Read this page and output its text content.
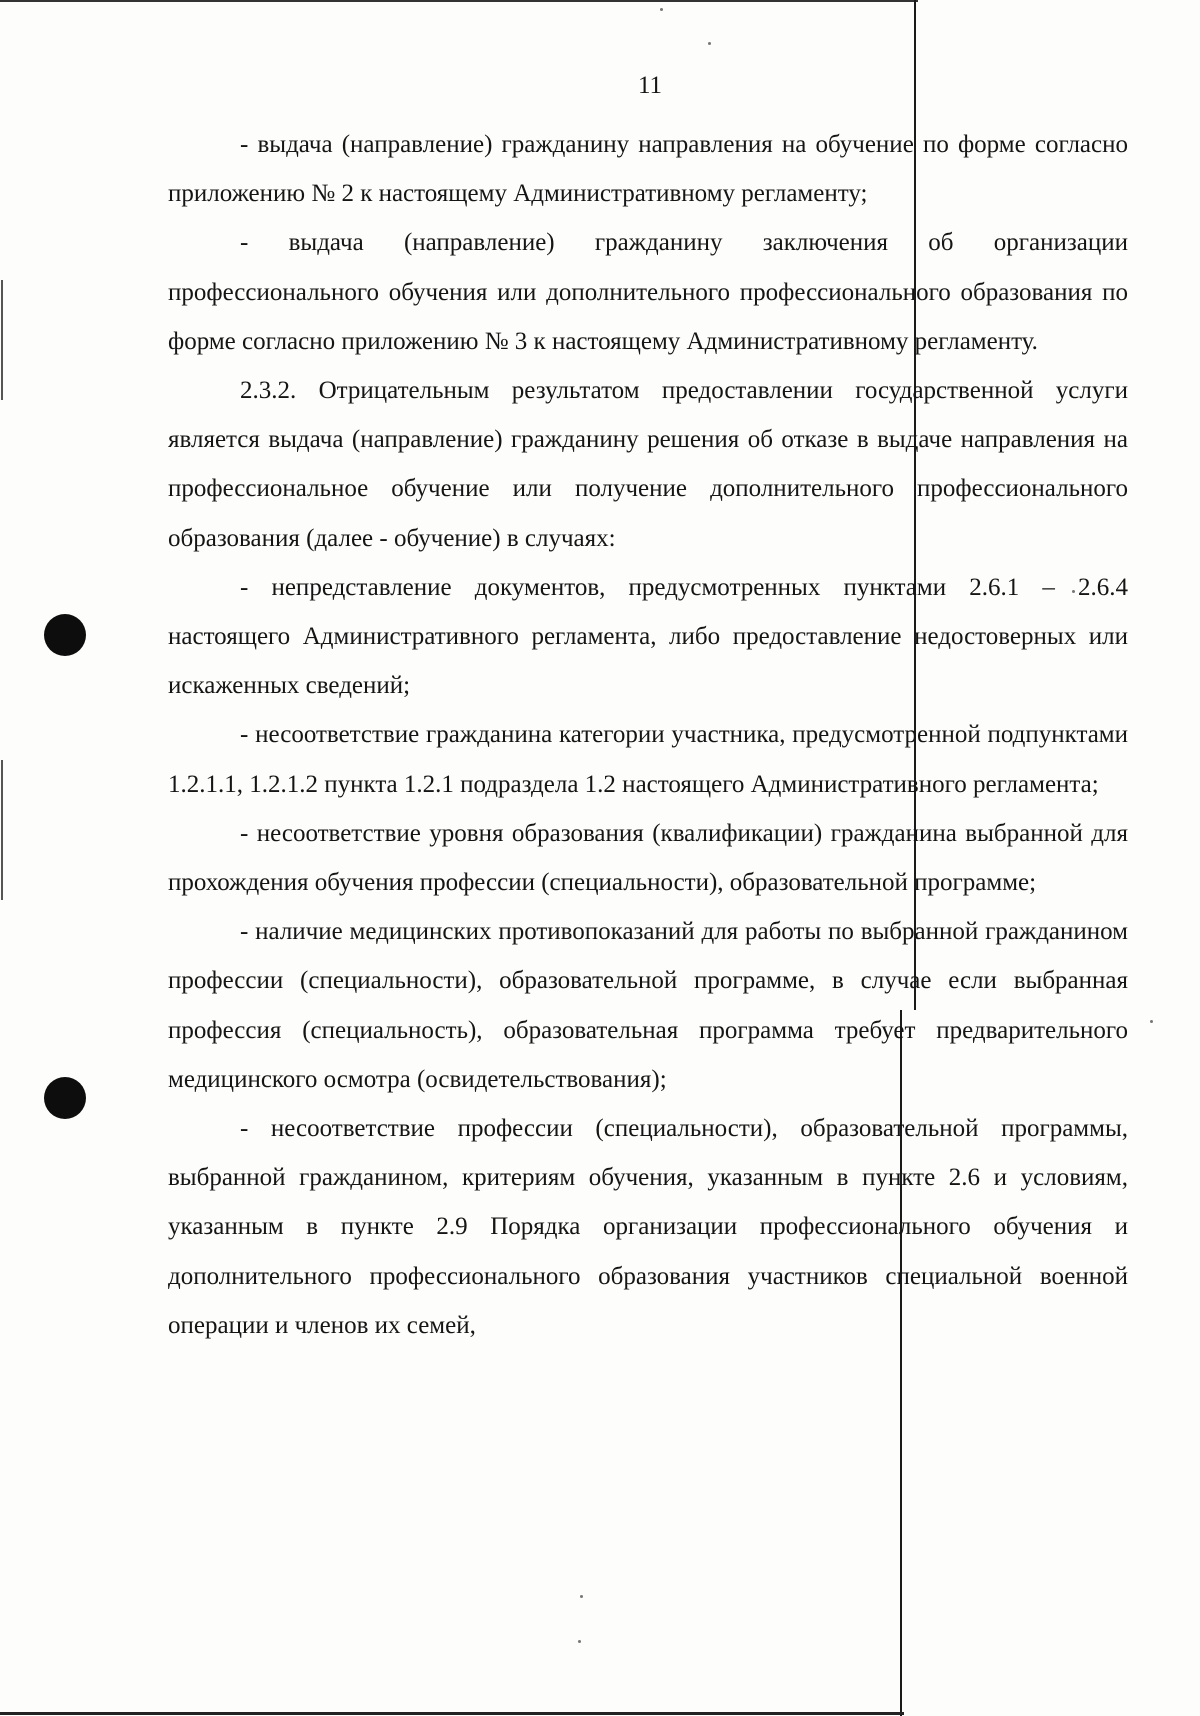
11

- выдача (направление) гражданину направления на обучение по форме согласно приложению № 2 к настоящему Административному регламенту;

- выдача (направление) гражданину заключения об организации профессионального обучения или дополнительного профессионального образования по форме согласно приложению № 3 к настоящему Административному регламенту.

2.3.2. Отрицательным результатом предоставлении государственной услуги является выдача (направление) гражданину решения об отказе в выдаче направления на профессиональное обучение или получение дополнительного профессионального образования (далее - обучение) в случаях:

- непредставление документов, предусмотренных пунктами 2.6.1 – 2.6.4 настоящего Административного регламента, либо предоставление недостоверных или искаженных сведений;

- несоответствие гражданина категории участника, предусмотренной подпунктами 1.2.1.1, 1.2.1.2 пункта 1.2.1 подраздела 1.2 настоящего Административного регламента;

- несоответствие уровня образования (квалификации) гражданина выбранной для прохождения обучения профессии (специальности), образовательной программе;

- наличие медицинских противопоказаний для работы по выбранной гражданином профессии (специальности), образовательной программе, в случае если выбранная профессия (специальность), образовательная программа требует предварительного медицинского осмотра (освидетельствования);

- несоответствие профессии (специальности), образовательной программы, выбранной гражданином, критериям обучения, указанным в пункте 2.6 и условиям, указанным в пункте 2.9 Порядка организации профессионального обучения и дополнительного профессионального образования участников специальной военной операции и членов их семей,
